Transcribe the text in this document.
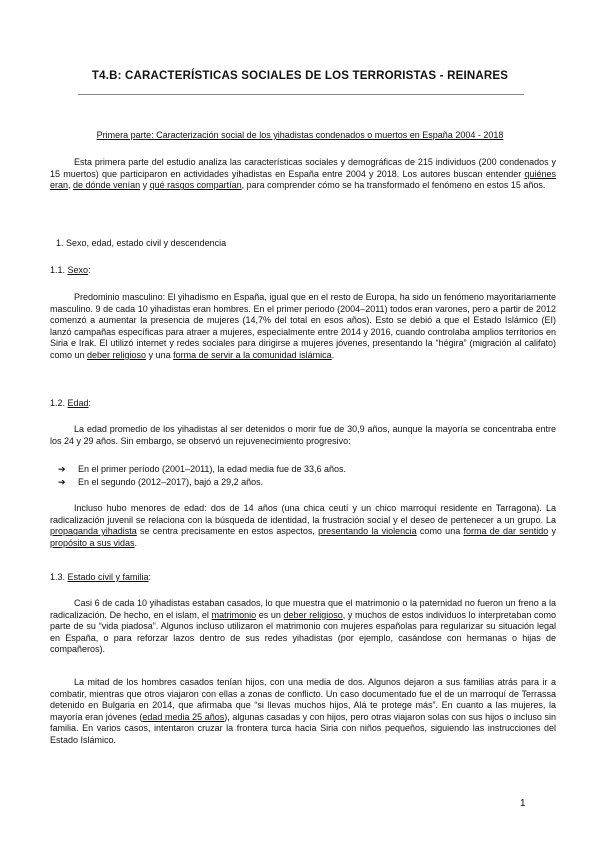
T4.B: CARACTERÍSTICAS SOCIALES DE LOS TERRORISTAS - REINARES
Primera parte: Caracterización social de los yihadistas condenados o muertos en España 2004 - 2018

Esta primera parte del estudio analiza las características sociales y demográficas de 215 individuos (200 condenados y 15 muertos) que participaron en actividades yihadistas en España entre 2004 y 2018. Los autores buscan entender quiénes eran, de dónde venían y qué rasgos compartían, para comprender cómo se ha transformado el fenómeno en estos 15 años.

1. Sexo, edad, estado civil y descendencia
1.1. Sexo:

Predominio masculino: El yihadismo en España, igual que en el resto de Europa, ha sido un fenómeno mayoritariamente masculino. 9 de cada 10 yihadistas eran hombres. En el primer periodo (2004–2011) todos eran varones, pero a partir de 2012 comenzó a aumentar la presencia de mujeres (14,7% del total en esos años). Esto se debió a que el Estado Islámico (EI) lanzó campañas específicas para atraer a mujeres, especialmente entre 2014 y 2016, cuando controlaba amplios territorios en Siria e Irak. El utilizó internet y redes sociales para dirigirse a mujeres jóvenes, presentando la “hégira” (migración al califato) como un deber religioso y una forma de servir a la comunidad islámica.

1.2. Edad:

La edad promedio de los yihadistas al ser detenidos o morir fue de 30,9 años, aunque la mayoría se concentraba entre los 24 y 29 años. Sin embargo, se observó un rejuvenecimiento progresivo:

➔ En el primer período (2001–2011), la edad media fue de 33,6 años.
➔ En el segundo (2012–2017), bajó a 29,2 años.

Incluso hubo menores de edad: dos de 14 años (una chica ceutí y un chico marroquí residente en Tarragona). La radicalización juvenil se relaciona con la búsqueda de identidad, la frustración social y el deseo de pertenecer a un grupo. La propaganda yihadista se centra precisamente en estos aspectos, presentando la violencia como una forma de dar sentido y propósito a sus vidas.

1.3. Estado civil y familia:

Casi 6 de cada 10 yihadistas estaban casados, lo que muestra que el matrimonio o la paternidad no fueron un freno a la radicalización. De hecho, en el islam, el matrimonio es un deber religioso, y muchos de estos individuos lo interpretaban como parte de su “vida piadosa”. Algunos incluso utilizaron el matrimonio con mujeres españolas para regularizar su situación legal en España, o para reforzar lazos dentro de sus redes yihadistas (por ejemplo, casándose con hermanas o hijas de compañeros).

La mitad de los hombres casados tenían hijos, con una media de dos. Algunos dejaron a sus familias atrás para ir a combatir, mientras que otros viajaron con ellas a zonas de conflicto. Un caso documentado fue el de un marroquí de Terrassa detenido en Bulgaria en 2014, que afirmaba que “si llevas muchos hijos, Alá te protege más”. En cuanto a las mujeres, la mayoría eran jóvenes (edad media 25 años), algunas casadas y con hijos, pero otras viajaron solas con sus hijos o incluso sin familia. En varios casos, intentaron cruzar la frontera turca hacia Siria con niños pequeños, siguiendo las instrucciones del Estado Islámico.

1
